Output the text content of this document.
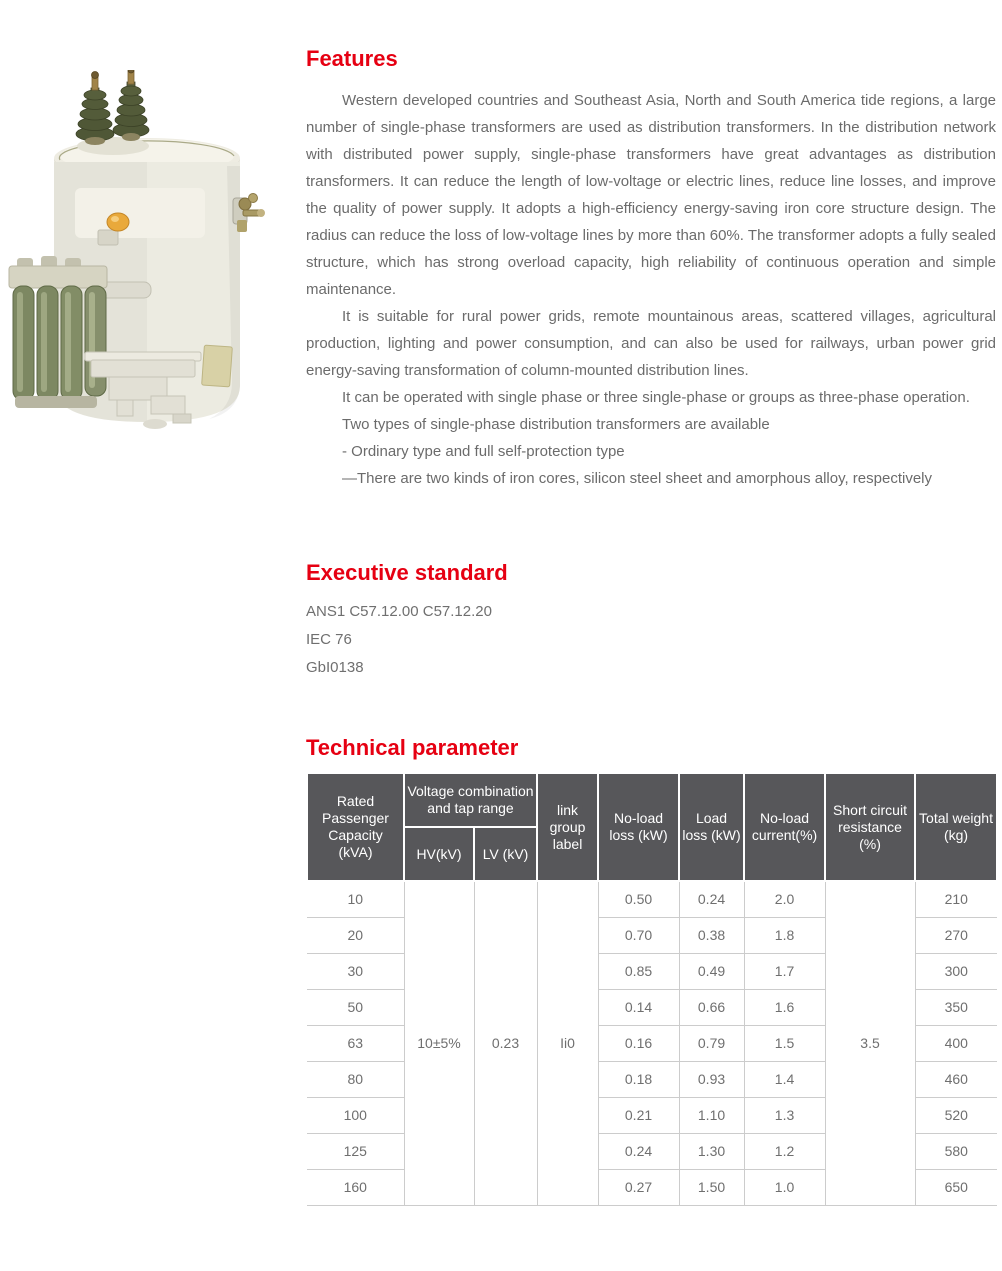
Features

Western developed countries and Southeast Asia, North and South America tide regions, a large number of single-phase transformers are used as distribution transformers. In the distribution network with distributed power supply, single-phase transformers have great advantages as distribution transformers. It can reduce the length of low-voltage or electric lines, reduce line losses, and improve the quality of power supply. It adopts a high-efficiency energy-saving iron core structure design. The radius can reduce the loss of low-voltage lines by more than 60%. The transformer adopts a fully sealed structure, which has strong overload capacity, high reliability of continuous operation and simple maintenance.

It is suitable for rural power grids, remote mountainous areas, scattered villages, agricultural production, lighting and power consumption, and can also be used for railways, urban power grid energy-saving transformation of column-mounted distribution lines.

It can be operated with single phase or three single-phase or groups as three-phase operation.

Two types of single-phase distribution transformers are available

- Ordinary type and full self-protection type

—There are two kinds of iron cores, silicon steel sheet and amorphous alloy, respectively

Executive standard
ANS1 C57.12.00 C57.12.20
IEC 76
GbI0138
Technical parameter
Rated Passenger Capacity (kVA)	Voltage combination and tap range		link group label	No-load loss (kW)	Load loss (kW)	No-load current(%)	Short circuit resistance (%)	Total weight (kg)
	HV(kV)	LV (kV)						
10	10±5%	0.23	Ii0	0.50	0.24	2.0	3.5	210
20				0.70	0.38	1.8		270
30				0.85	0.49	1.7		300
50				0.14	0.66	1.6		350
63				0.16	0.79	1.5		400
80				0.18	0.93	1.4		460
100				0.21	1.10	1.3		520
125				0.24	1.30	1.2		580
160				0.27	1.50	1.0		650
